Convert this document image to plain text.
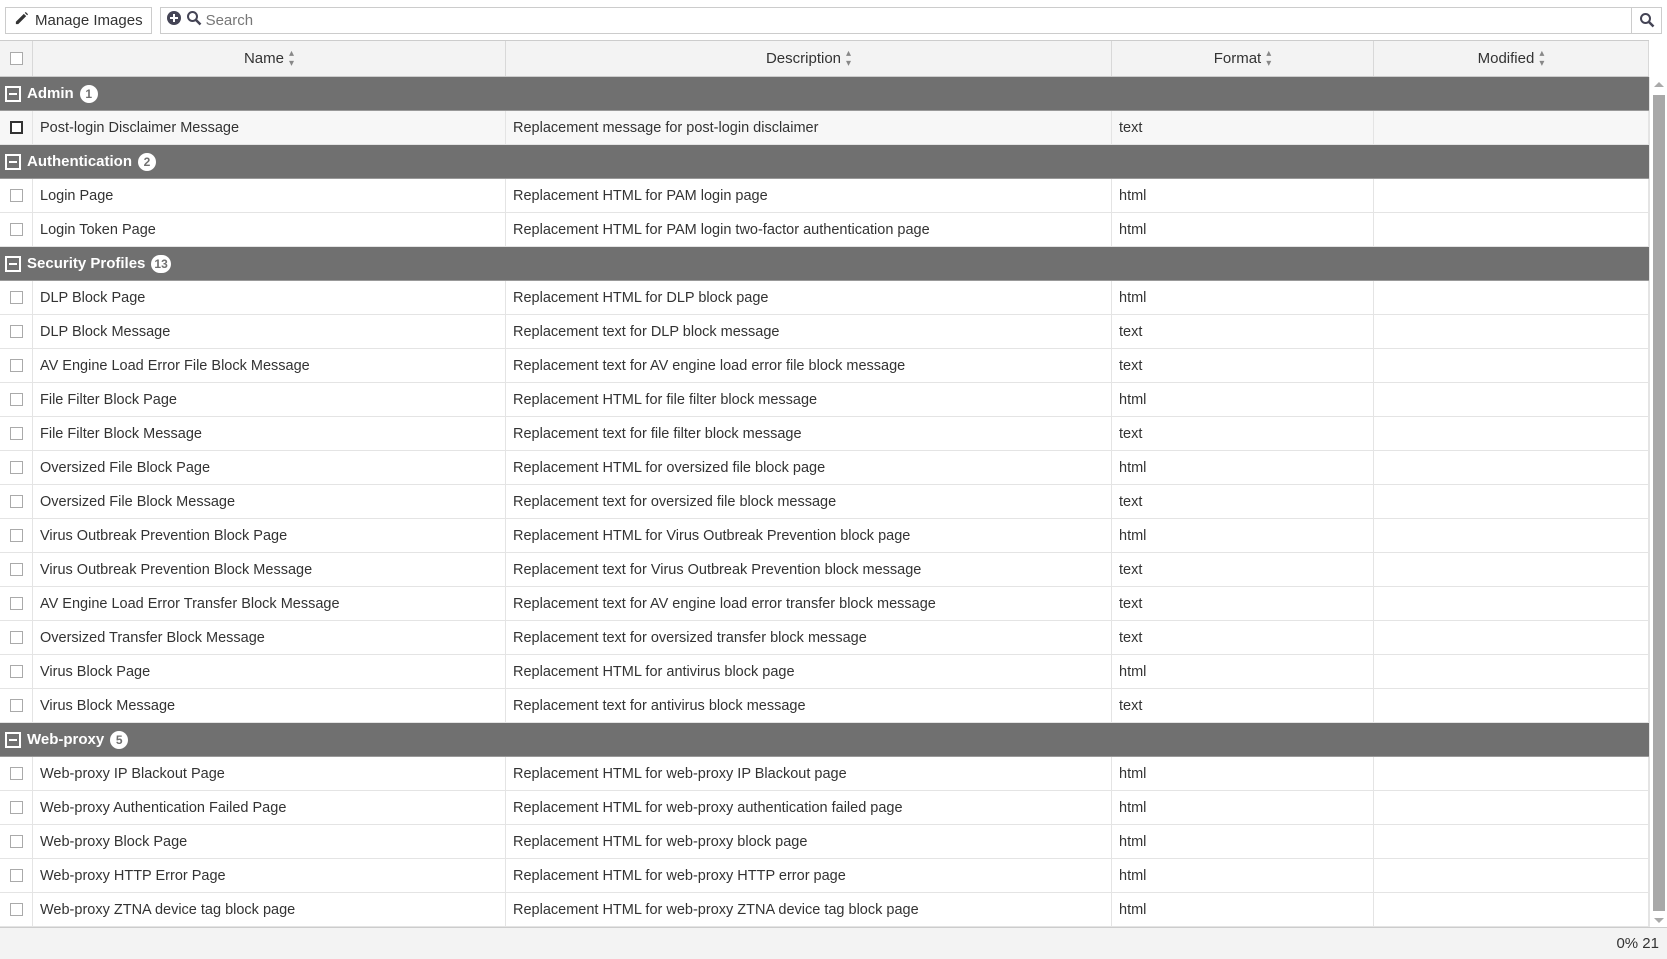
Manage Images
Search
Name ▴
▾	Description ▴
▾	Format ▴
▾	Modified ▴
▾
Admin 1
Post-login Disclaimer Message	Replacement message for post-login disclaimer	text
Authentication 2
Login Page	Replacement HTML for PAM login page	html
Login Token Page	Replacement HTML for PAM login two-factor authentication page	html
Security Profiles 13
DLP Block Page	Replacement HTML for DLP block page	html
DLP Block Message	Replacement text for DLP block message	text
AV Engine Load Error File Block Message	Replacement text for AV engine load error file block message	text
File Filter Block Page	Replacement HTML for file filter block message	html
File Filter Block Message	Replacement text for file filter block message	text
Oversized File Block Page	Replacement HTML for oversized file block page	html
Oversized File Block Message	Replacement text for oversized file block message	text
Virus Outbreak Prevention Block Page	Replacement HTML for Virus Outbreak Prevention block page	html
Virus Outbreak Prevention Block Message	Replacement text for Virus Outbreak Prevention block message	text
AV Engine Load Error Transfer Block Message	Replacement text for AV engine load error transfer block message	text
Oversized Transfer Block Message	Replacement text for oversized transfer block message	text
Virus Block Page	Replacement HTML for antivirus block page	html
Virus Block Message	Replacement text for antivirus block message	text
Web-proxy 5
Web-proxy IP Blackout Page	Replacement HTML for web-proxy IP Blackout page	html
Web-proxy Authentication Failed Page	Replacement HTML for web-proxy authentication failed page	html
Web-proxy Block Page	Replacement HTML for web-proxy block page	html
Web-proxy HTTP Error Page	Replacement HTML for web-proxy HTTP error page	html
Web-proxy ZTNA device tag block page	Replacement HTML for web-proxy ZTNA device tag block page	html
0% 21
